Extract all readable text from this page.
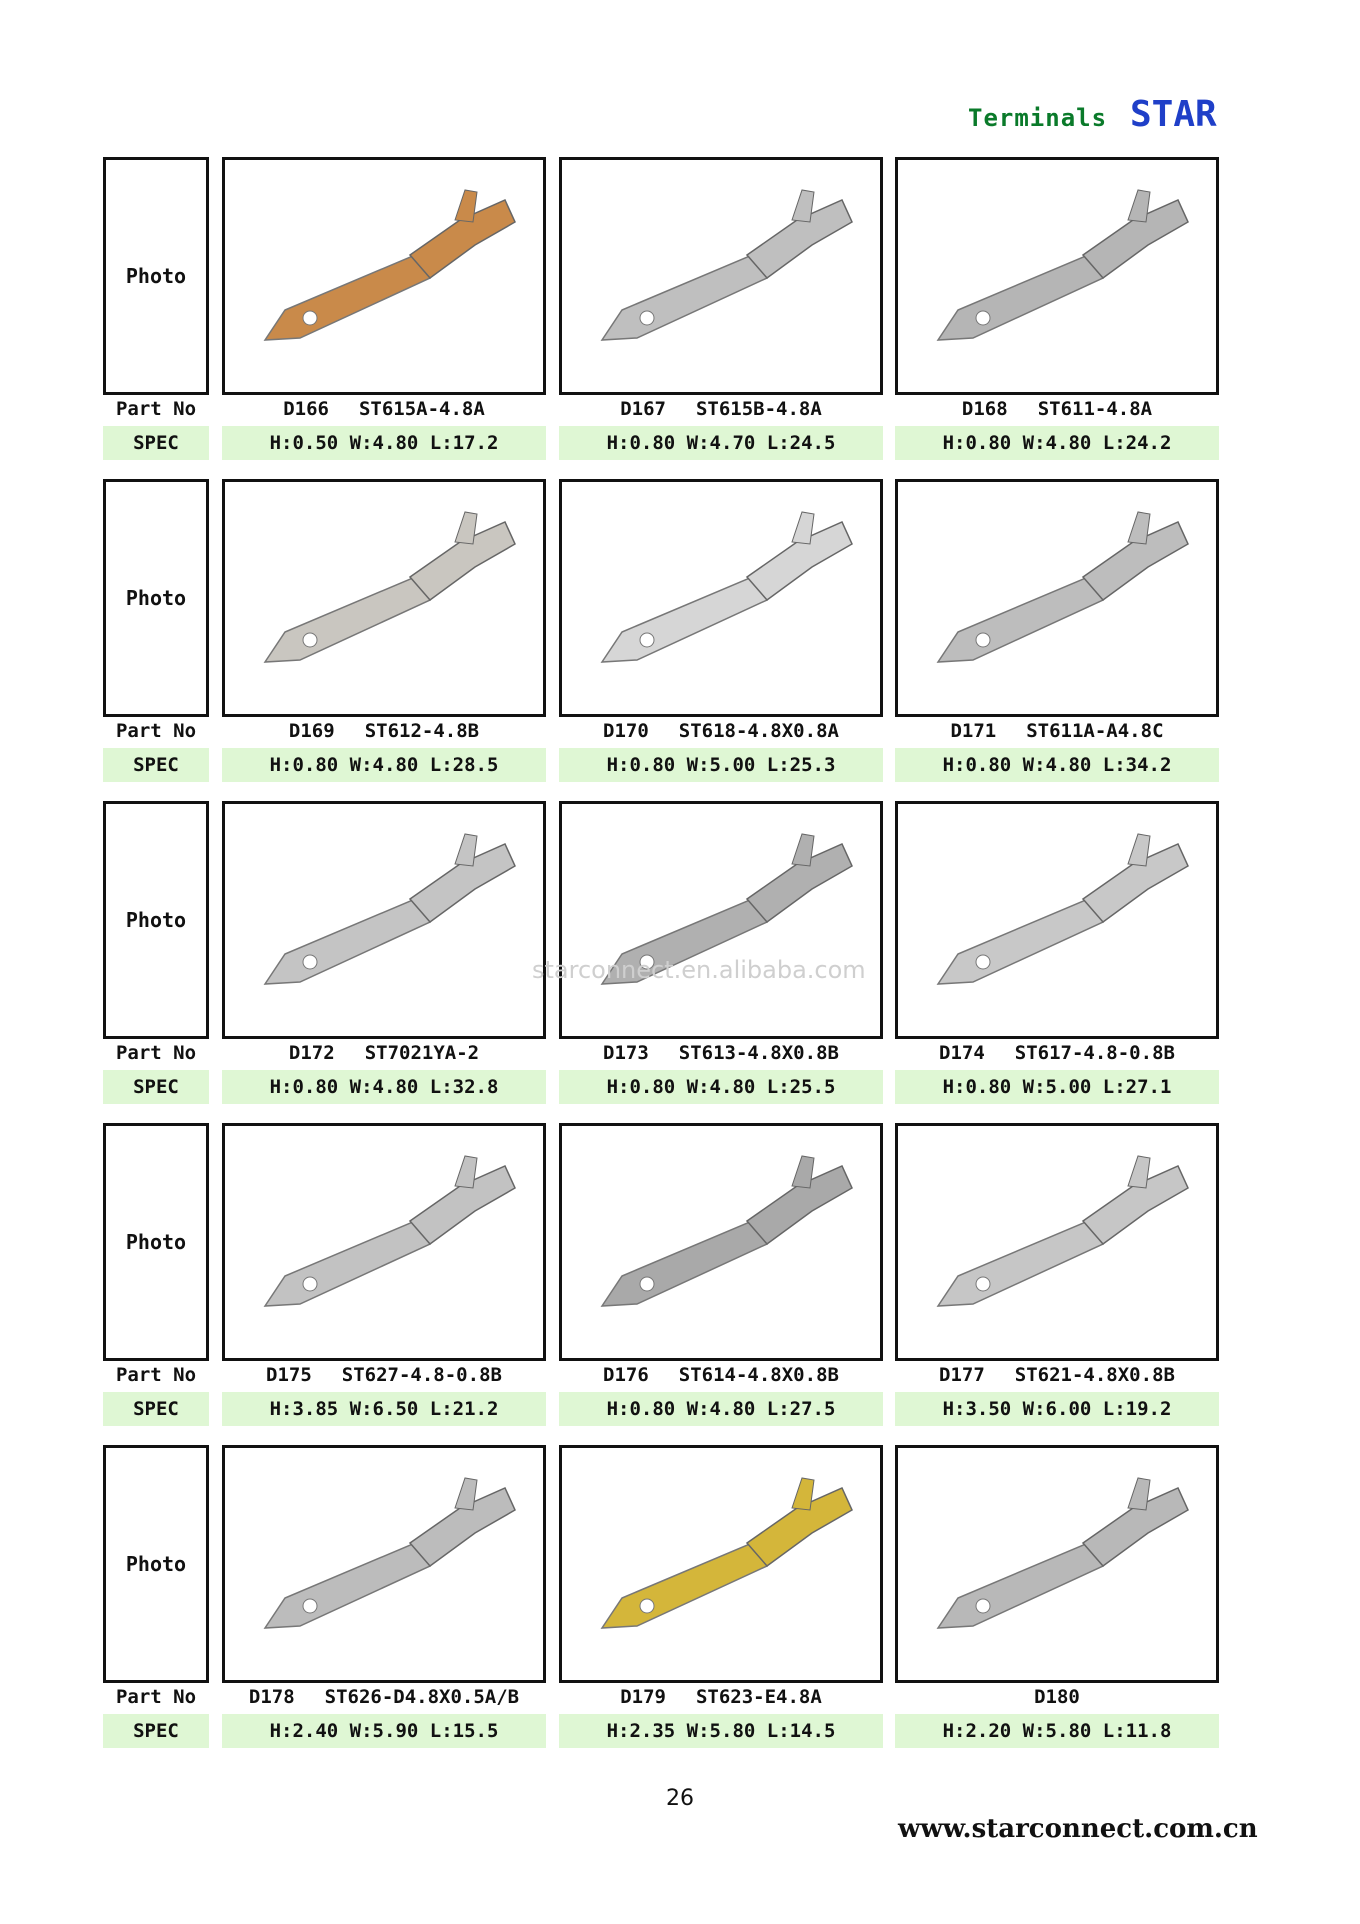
Terminals STAR
Photo
Part No	D166 ST615A-4.8A	D167 ST615B-4.8A	D168 ST611-4.8A
SPEC	H:0.50 W:4.80 L:17.2	H:0.80 W:4.70 L:24.5	H:0.80 W:4.80 L:24.2
Photo
Part No	D169 ST612-4.8B	D170 ST618-4.8X0.8A	D171 ST611A-A4.8C
SPEC	H:0.80 W:4.80 L:28.5	H:0.80 W:5.00 L:25.3	H:0.80 W:4.80 L:34.2
Photo
Part No	D172 ST7021YA-2	D173 ST613-4.8X0.8B	D174 ST617-4.8-0.8B
SPEC	H:0.80 W:4.80 L:32.8	H:0.80 W:4.80 L:25.5	H:0.80 W:5.00 L:27.1
Photo
Part No	D175 ST627-4.8-0.8B	D176 ST614-4.8X0.8B	D177 ST621-4.8X0.8B
SPEC	H:3.85 W:6.50 L:21.2	H:0.80 W:4.80 L:27.5	H:3.50 W:6.00 L:19.2
Photo
Part No	D178 ST626-D4.8X0.5A/B	D179 ST623-E4.8A	D180
SPEC	H:2.40 W:5.90 L:15.5	H:2.35 W:5.80 L:14.5	H:2.20 W:5.80 L:11.8
starconnect.en.alibaba.com
26
www.starconnect.com.cn
